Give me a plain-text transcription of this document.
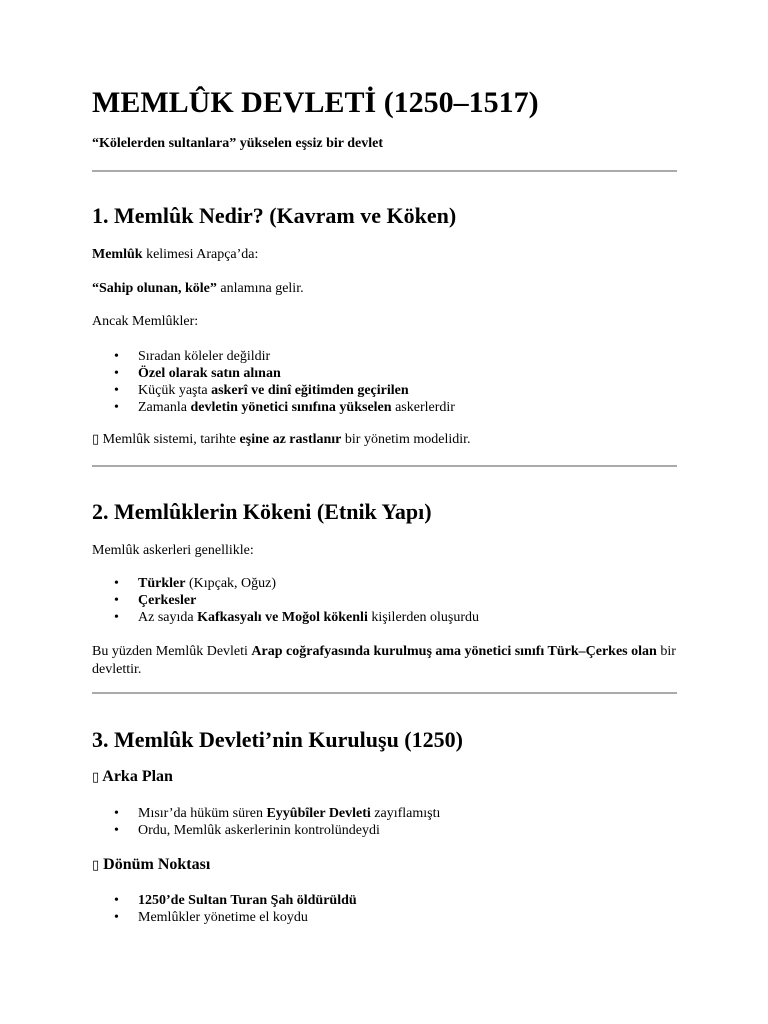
MEMLÛK DEVLETİ (1250–1517)

“Kölelerden sultanlara” yükselen eşsiz bir devlet

1. Memlûk Nedir? (Kavram ve Köken)

Memlûk kelimesi Arapça’da:

“Sahip olunan, köle” anlamına gelir.

Ancak Memlûkler:

• Sıradan köleler değildir
• Özel olarak satın alınan
• Küçük yaşta askerî ve dinî eğitimden geçirilen
• Zamanla devletin yönetici sınıfına yükselen askerlerdir

▯ Memlûk sistemi, tarihte eşine az rastlanır bir yönetim modelidir.

2. Memlûklerin Kökeni (Etnik Yapı)

Memlûk askerleri genellikle:

• Türkler (Kıpçak, Oğuz)
• Çerkesler
• Az sayıda Kafkasyalı ve Moğol kökenli kişilerden oluşurdu

Bu yüzden Memlûk Devleti Arap coğrafyasında kurulmuş ama yönetici sınıfı Türk–Çerkes olan bir devlettir.

3. Memlûk Devleti’nin Kuruluşu (1250)
▯ Arka Plan
• Mısır’da hüküm süren Eyyûbîler Devleti zayıflamıştı
• Ordu, Memlûk askerlerinin kontrolündeydi
▯ Dönüm Noktası
• 1250’de Sultan Turan Şah öldürüldü
• Memlûkler yönetime el koydu
